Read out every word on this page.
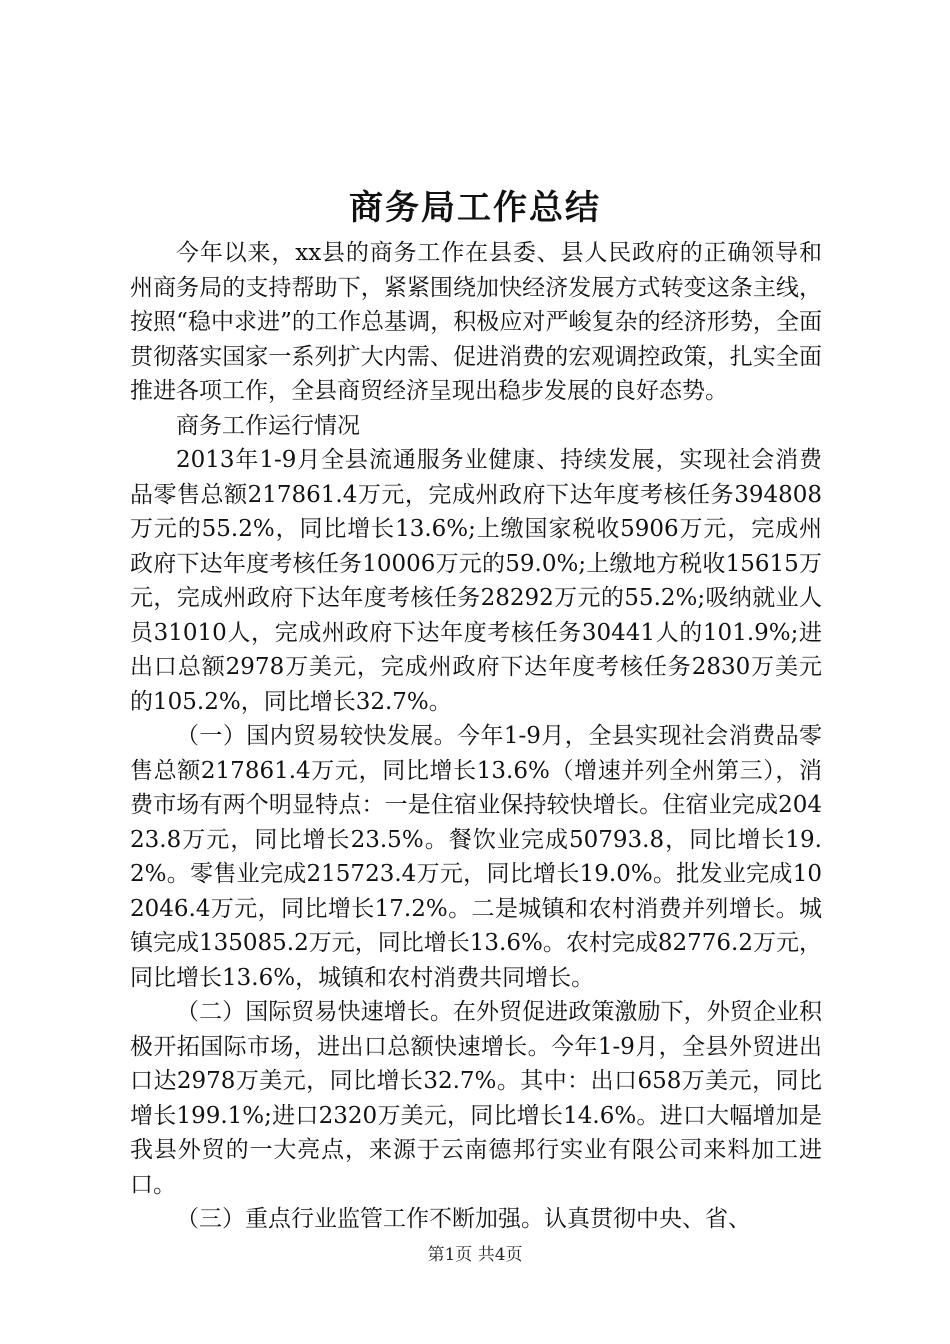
商务局工作总结

今年以来，xx县的商务工作在县委、县人民政府的正确领导和州商务局的支持帮助下，紧紧围绕加快经济发展方式转变这条主线，按照“稳中求进”的工作总基调，积极应对严峻复杂的经济形势，全面贯彻落实国家一系列扩大内需、促进消费的宏观调控政策，扎实全面推进各项工作，全县商贸经济呈现出稳步发展的良好态势。

商务工作运行情况

2013年1-9月全县流通服务业健康、持续发展，实现社会消费品零售总额217861.4万元，完成州政府下达年度考核任务394808万元的55.2%，同比增长13.6%;上缴国家税收5906万元，完成州政府下达年度考核任务10006万元的59.0%;上缴地方税收15615万元，完成州政府下达年度考核任务28292万元的55.2%;吸纳就业人员31010人，完成州政府下达年度考核任务30441人的101.9%;进出口总额2978万美元，完成州政府下达年度考核任务2830万美元的105.2%，同比增长32.7%。

（一）国内贸易较快发展。今年1-9月，全县实现社会消费品零售总额217861.4万元，同比增长13.6%（增速并列全州第三），消费市场有两个明显特点：一是住宿业保持较快增长。住宿业完成20423.8万元，同比增长23.5%。餐饮业完成50793.8，同比增长19.2%。零售业完成215723.4万元，同比增长19.0%。批发业完成102046.4万元，同比增长17.2%。二是城镇和农村消费并列增长。城镇完成135085.2万元，同比增长13.6%。农村完成82776.2万元，同比增长13.6%，城镇和农村消费共同增长。

（二）国际贸易快速增长。在外贸促进政策激励下，外贸企业积极开拓国际市场，进出口总额快速增长。今年1-9月，全县外贸进出口达2978万美元，同比增长32.7%。其中：出口658万美元，同比增长199.1%;进口2320万美元，同比增长14.6%。进口大幅增加是我县外贸的一大亮点，来源于云南德邦行实业有限公司来料加工进口。

（三）重点行业监管工作不断加强。认真贯彻中央、省、

第1页 共4页
